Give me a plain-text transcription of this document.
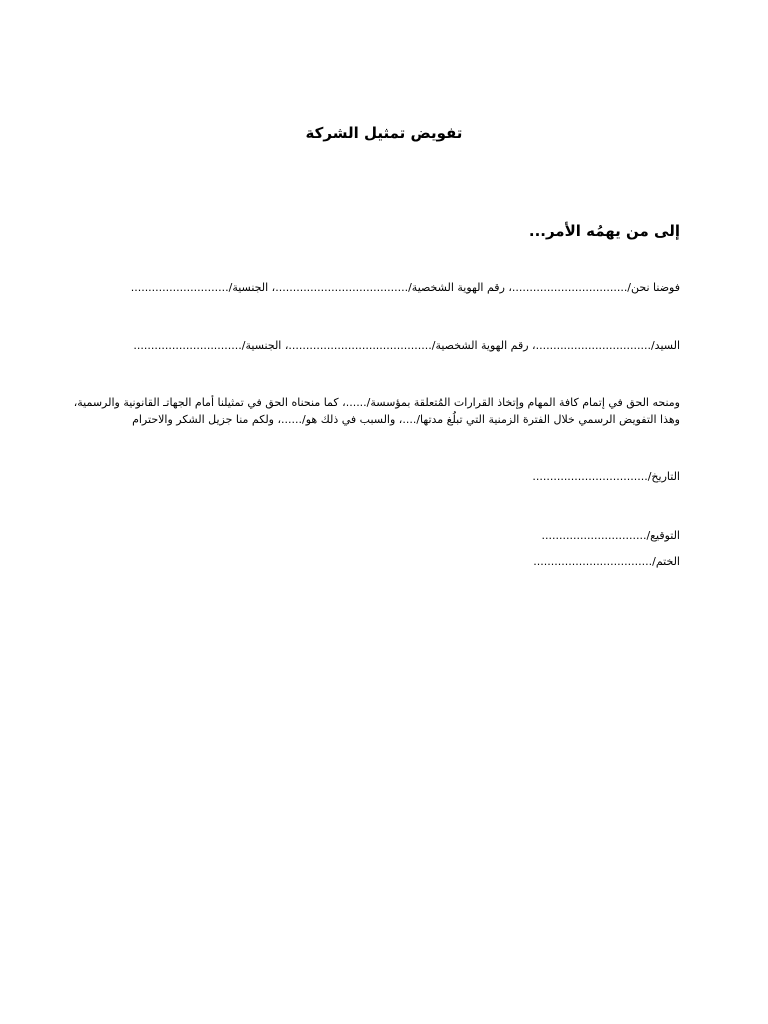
تفويض تمثيل الشركة
إلى من يهمُه الأمر...
فوضنا نحن/.................................، رقم الهوية الشخصية/......................................، الجنسية/............................
السيد/.................................، رقم الهوية الشخصية/.........................................، الجنسية/...............................
ومنحه الحق في إتمام كافة المهام وإتخاذ القرارات المُتعلقة بمؤسسة/......، كما منحناه الحق في تمثيلنا أمام الجهاتـ القانونية والرسمية،
وهذا التفويض الرسمي خلال الفترة الزمنية التي تبلُغ مدتها/....، والسبب في ذلك هو/......، ولكم منا جزيل الشكر والاحترام
التاريخ/.................................
التوقيع/..............................
الختم/..................................
